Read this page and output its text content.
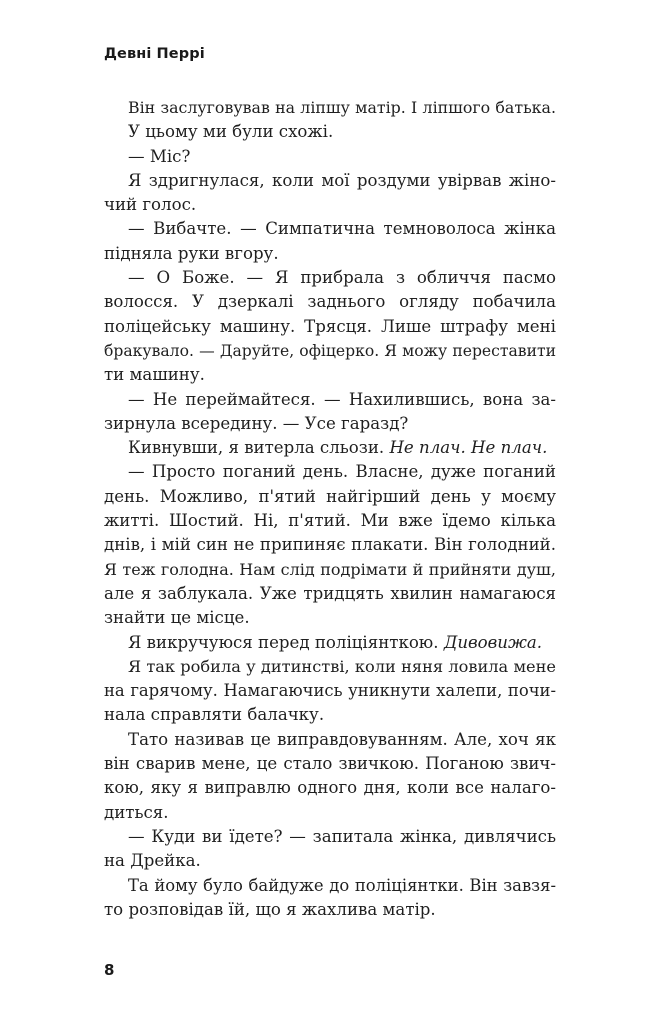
Девні Перрі
Він заслуговував на ліпшу матір. І ліпшого батька.
У цьому ми були схожі.
— Міс?
Я здригнулася, коли мої роздуми увірвав жіно-
чий голос.
— Вибачте. — Симпатична темноволоса жінка
підняла руки вгору.
— О Боже. — Я прибрала з обличчя пасмо
волосся. У дзеркалі заднього огляду побачила
поліцейську машину. Трясця. Лише штрафу мені
бракувало. — Даруйте, офіцерко. Я можу переставити
ти машину.
— Не переймайтеся. — Нахилившись, вона за-
зирнула всередину. — Усе гаразд?
Кивнувши, я витерла сльози. Не плач. Не плач.
— Просто поганий день. Власне, дуже поганий
день. Можливо, п'ятий найгірший день у моєму
житті. Шостий. Ні, п'ятий. Ми вже їдемо кілька
днів, і мій син не припиняє плакати. Він голодний.
Я теж голодна. Нам слід подрімати й прийняти душ,
але я заблукала. Уже тридцять хвилин намагаюся
знайти це місце.
Я викручуюся перед поліціянткою. Дивовижа.
Я так робила у дитинстві, коли няня ловила мене
на гарячому. Намагаючись уникнути халепи, почи-
нала справляти балачку.
Тато називав це виправдовуванням. Але, хоч як
він сварив мене, це стало звичкою. Поганою звич-
кою, яку я виправлю одного дня, коли все налаго-
диться.
— Куди ви їдете? — запитала жінка, дивлячись
на Дрейка.
Та йому було байдуже до поліціянтки. Він завзя-
то розповідав їй, що я жахлива матір.
8
